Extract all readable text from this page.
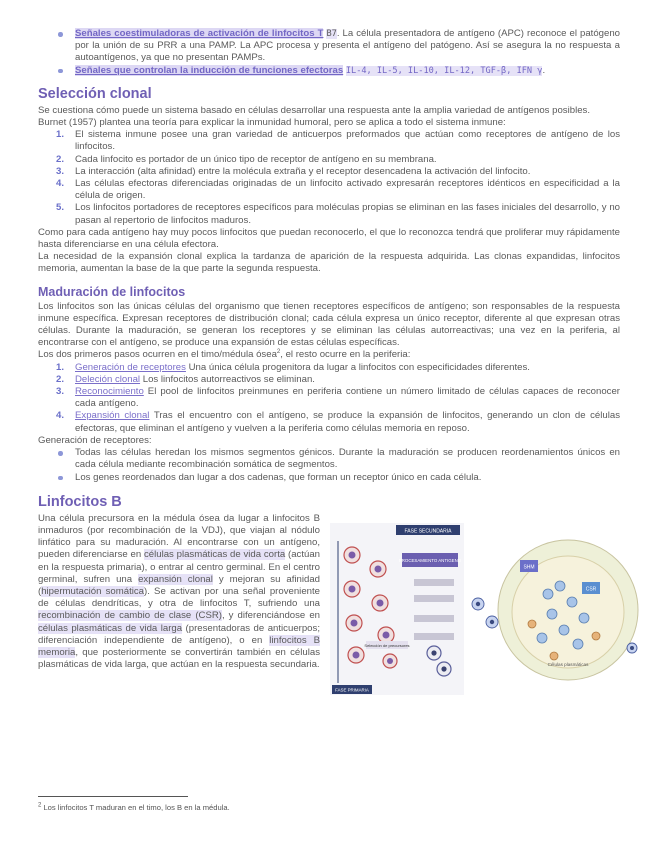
Señales coestimuladoras de activación de linfocitos T B7. La célula presentadora de antígeno (APC) reconoce el patógeno por la unión de su PRR a una PAMP. La APC procesa y presenta el antígeno del patógeno. Así se asegura la no respuesta a autoantígenos, ya que no presentan PAMPs.
Señales que controlan la inducción de funciones efectoras IL-4, IL-5, IL-10, IL-12, TGF-β, IFN γ.
Selección clonal

Se cuestiona cómo puede un sistema basado en células desarrollar una respuesta ante la amplia variedad de antígenos posibles.

Burnet (1957) plantea una teoría para explicar la inmunidad humoral, pero se aplica a todo el sistema inmune:

1. El sistema inmune posee una gran variedad de anticuerpos preformados que actúan como receptores de antígeno de los linfocitos.
2. Cada linfocito es portador de un único tipo de receptor de antígeno en su membrana.
3. La interacción (alta afinidad) entre la molécula extraña y el receptor desencadena la activación del linfocito.
4. Las células efectoras diferenciadas originadas de un linfocito activado expresarán receptores idénticos en especificidad a la célula de origen.
5. Los linfocitos portadores de receptores específicos para moléculas propias se eliminan en las fases iniciales del desarrollo, y no pasan al repertorio de linfocitos maduros.

Como para cada antígeno hay muy pocos linfocitos que puedan reconocerlo, el que lo reconozca tendrá que proliferar muy rápidamente hasta diferenciarse en una célula efectora.

La necesidad de la expansión clonal explica la tardanza de aparición de la respuesta adquirida. Las clonas expandidas, linfocitos memoria, aumentan la base de la que parte la segunda respuesta.

Maduración de linfocitos

Los linfocitos son las únicas células del organismo que tienen receptores específicos de antígeno; son responsables de la respuesta inmune específica. Expresan receptores de distribución clonal; cada célula expresa un único receptor, diferente al que expresan otras células. Durante la maduración, se generan los receptores y se eliminan las células autorreactivas; una vez en la periferia, al encontrarse con el antígeno, se produce una expansión de estas células específicas.

Los dos primeros pasos ocurren en el timo/médula ósea$^2$, el resto ocurre en la periferia:

1. Generación de receptores Una única célula progenitora da lugar a linfocitos con especificidades diferentes.
2. Deleción clonal Los linfocitos autorreactivos se eliminan.
3. Reconocimiento El pool de linfocitos preinmunes en periferia contiene un número limitado de células capaces de reconocer cada antígeno.
4. Expansión clonal Tras el encuentro con el antígeno, se produce la expansión de linfocitos, generando un clon de células efectoras, que eliminan el antígeno y vuelven a la periferia como células memoria en reposo.

Generación de receptores:

Todas las células heredan los mismos segmentos génicos. Durante la maduración se producen reordenamientos únicos en cada célula mediante recombinación somática de segmentos.
Los genes reordenados dan lugar a dos cadenas, que forman un receptor único en cada célula.
Linfocitos B

Una célula precursora en la médula ósea da lugar a linfocitos B inmaduros (por recombinación de la VDJ), que viajan al nódulo linfático para su maduración. Al encontrarse con un antígeno, pueden diferenciarse en células plasmáticas de vida corta (actúan en la respuesta primaria), o entrar al centro germinal. En el centro germinal, sufren una expansión clonal y mejoran su afinidad (hipermutación somática). Se activan por una señal proveniente de células dendríticas, y otra de linfocitos T, sufriendo una recombinación de cambio de clase (CSR), y diferenciándose en células plasmáticas de vida larga (presentadoras de anticuerpos; diferenciación independiente de antígeno), o en linfocitos B memoria, que posteriormente se convertirán también en células plasmáticas de vida larga, que actúan en la respuesta secundaria.

FASE SECUNDARIA
PROCESAMIENTO ANTIGENO
Selección de precursores
FASE PRIMARIA
SHM
CSR
Células plasmáticas
$^2$ Los linfocitos T maduran en el timo, los B en la médula.
